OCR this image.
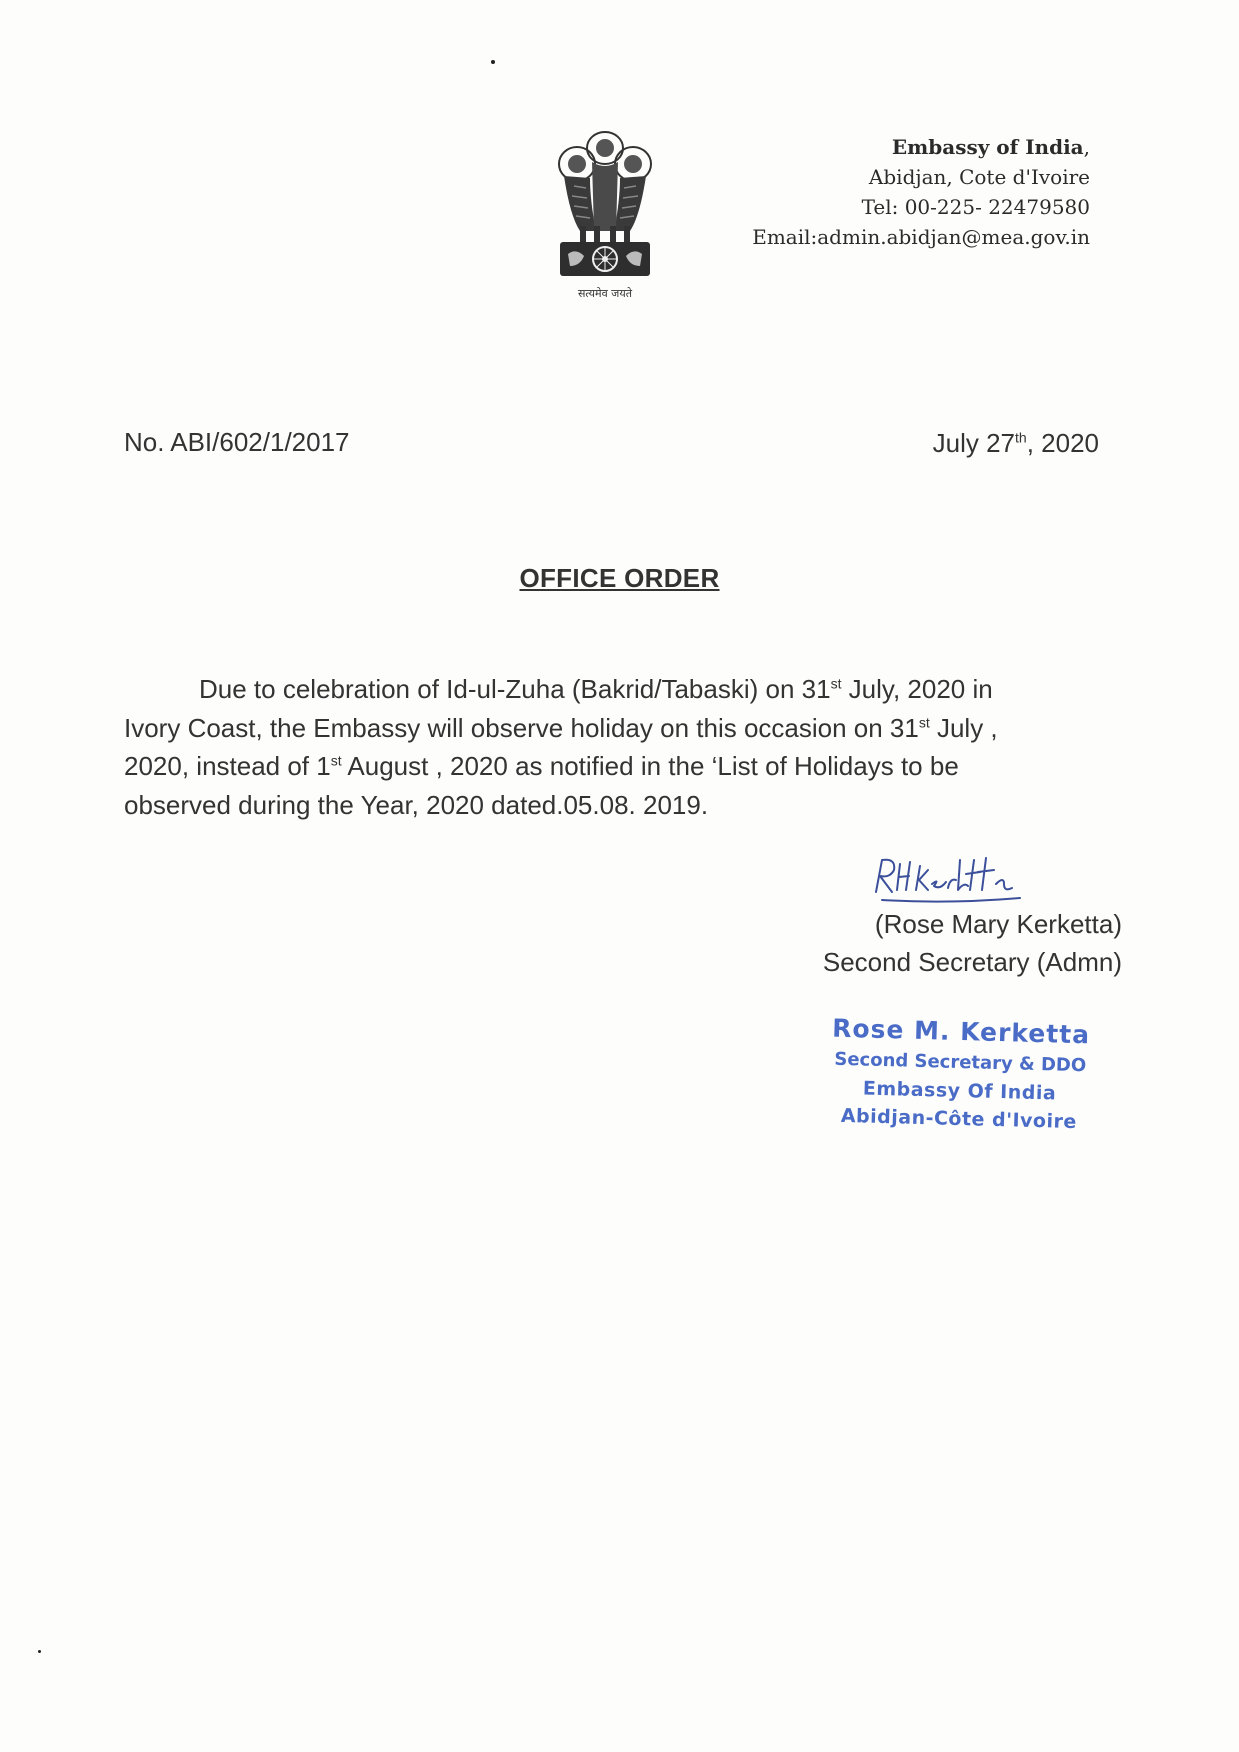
सत्यमेव जयते
Embassy of India,
Abidjan, Cote d'Ivoire
Tel: 00-225- 22479580
Email:admin.abidjan@mea.gov.in
No. ABI/602/1/2017	July 27th, 2020
OFFICE ORDER
Due to celebration of Id-ul-Zuha (Bakrid/Tabaski) on 31st July, 2020 in
Ivory Coast, the Embassy will observe holiday on this occasion on 31st July ,
2020, instead of 1st August , 2020 as notified in the ‘List of Holidays to be
observed during the Year, 2020 dated.05.08. 2019.
(Rose Mary Kerketta)
Second Secretary (Admn)
Rose M. Kerketta
Second Secretary & DDO
Embassy Of India
Abidjan-Côte d'Ivoire
